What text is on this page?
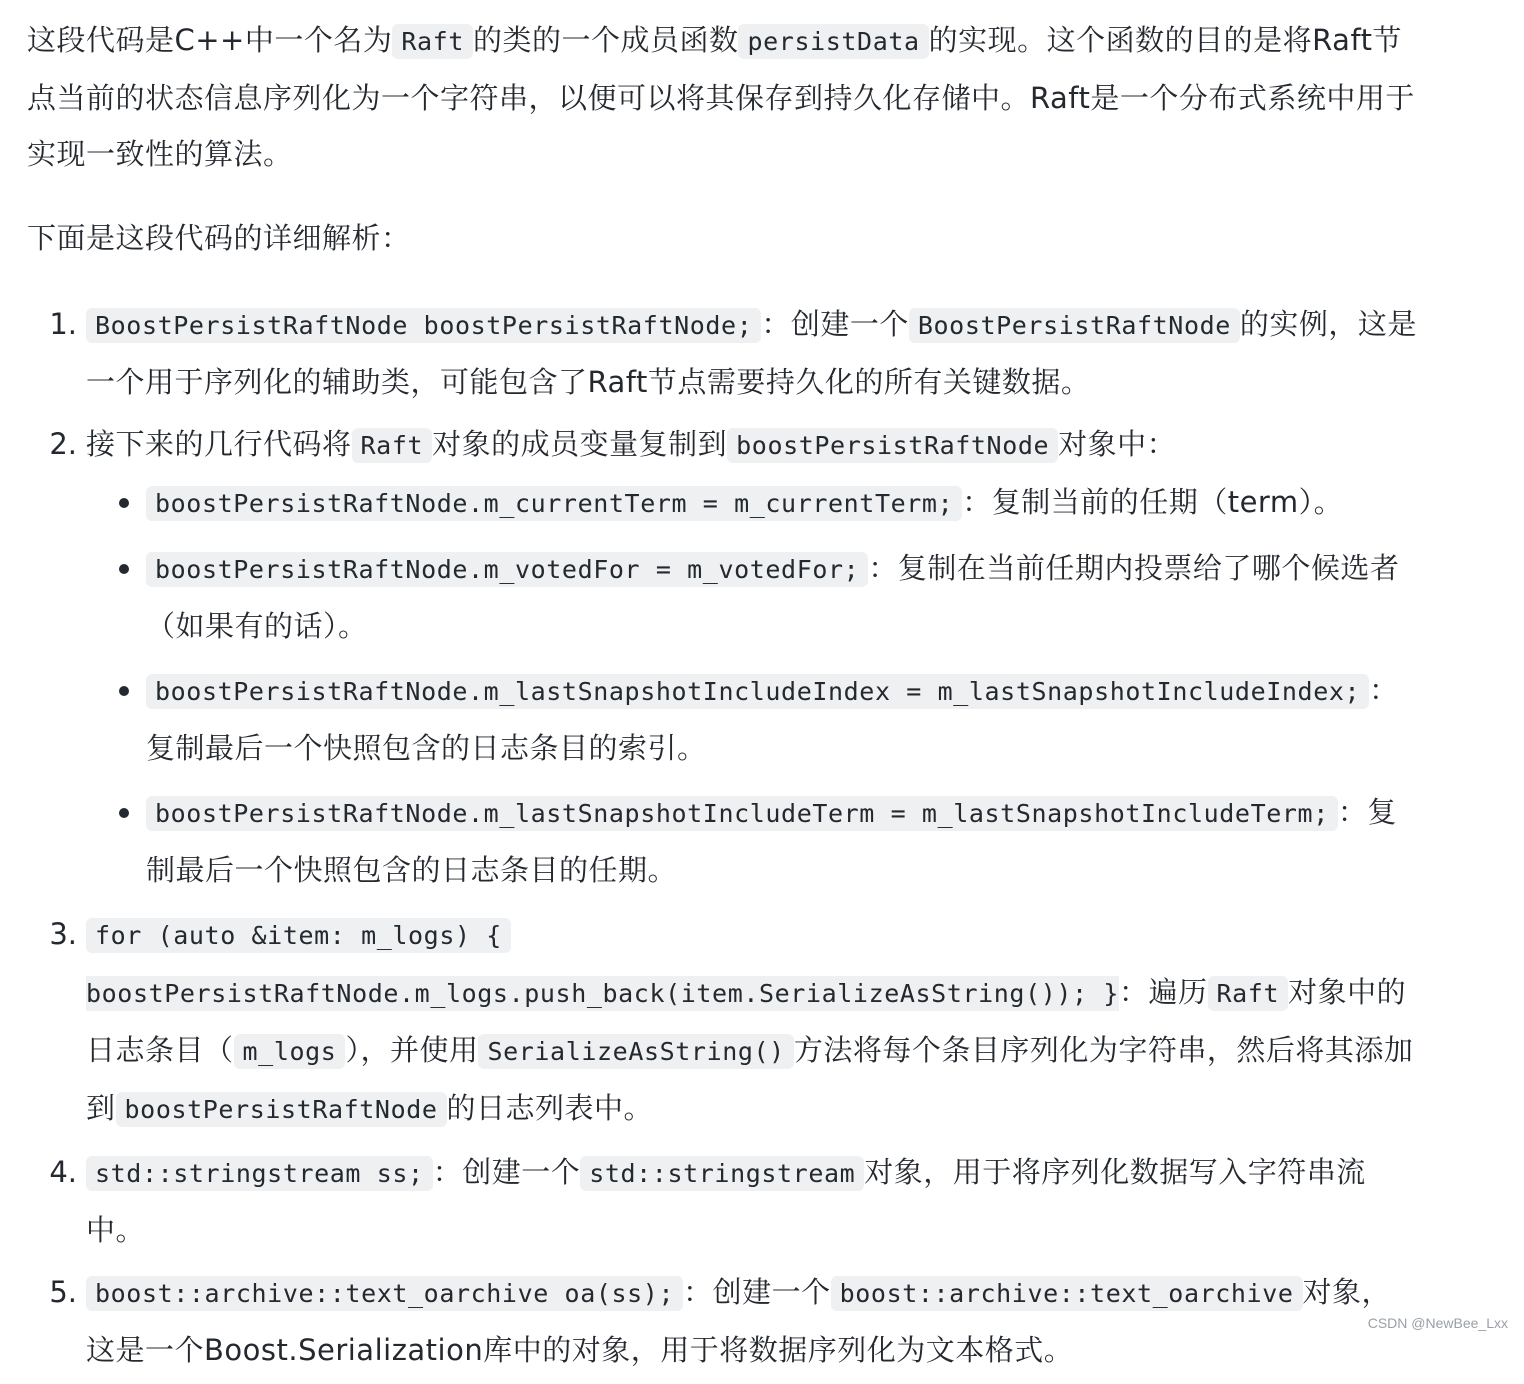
这段代码是C++中一个名为 Raft 的类的一个成员函数 persistData 的实现。这个函数的目的是将Raft节点当前的状态信息序列化为一个字符串，以便可以将其保存到持久化存储中。Raft是一个分布式系统中用于实现一致性的算法。

下面是这段代码的详细解析：

1. BoostPersistRaftNode boostPersistRaftNode; ：创建一个 BoostPersistRaftNode 的实例，这是一个用于序列化的辅助类，可能包含了Raft节点需要持久化的所有关键数据。

2. 接下来的几行代码将 Raft 对象的成员变量复制到 boostPersistRaftNode 对象中：

boostPersistRaftNode.m_currentTerm = m_currentTerm; ：复制当前的任期（term）。

boostPersistRaftNode.m_votedFor = m_votedFor; ：复制在当前任期内投票给了哪个候选者（如果有的话）。

boostPersistRaftNode.m_lastSnapshotIncludeIndex = m_lastSnapshotIncludeIndex; ：复制最后一个快照包含的日志条目的索引。

boostPersistRaftNode.m_lastSnapshotIncludeTerm = m_lastSnapshotIncludeTerm; ：复制最后一个快照包含的日志条目的任期。

3. for (auto &item: m_logs) {
boostPersistRaftNode.m_logs.push_back(item.SerializeAsString()); }：遍历 Raft 对象中的日志条目（ m_logs ），并使用 SerializeAsString() 方法将每个条目序列化为字符串，然后将其添加到 boostPersistRaftNode 的日志列表中。

4. std::stringstream ss; ：创建一个 std::stringstream 对象，用于将序列化数据写入字符串流中。

5. boost::archive::text_oarchive oa(ss); ：创建一个 boost::archive::text_oarchive 对象，这是一个Boost.Serialization库中的对象，用于将数据序列化为文本格式。

CSDN @NewBee_Lxx
